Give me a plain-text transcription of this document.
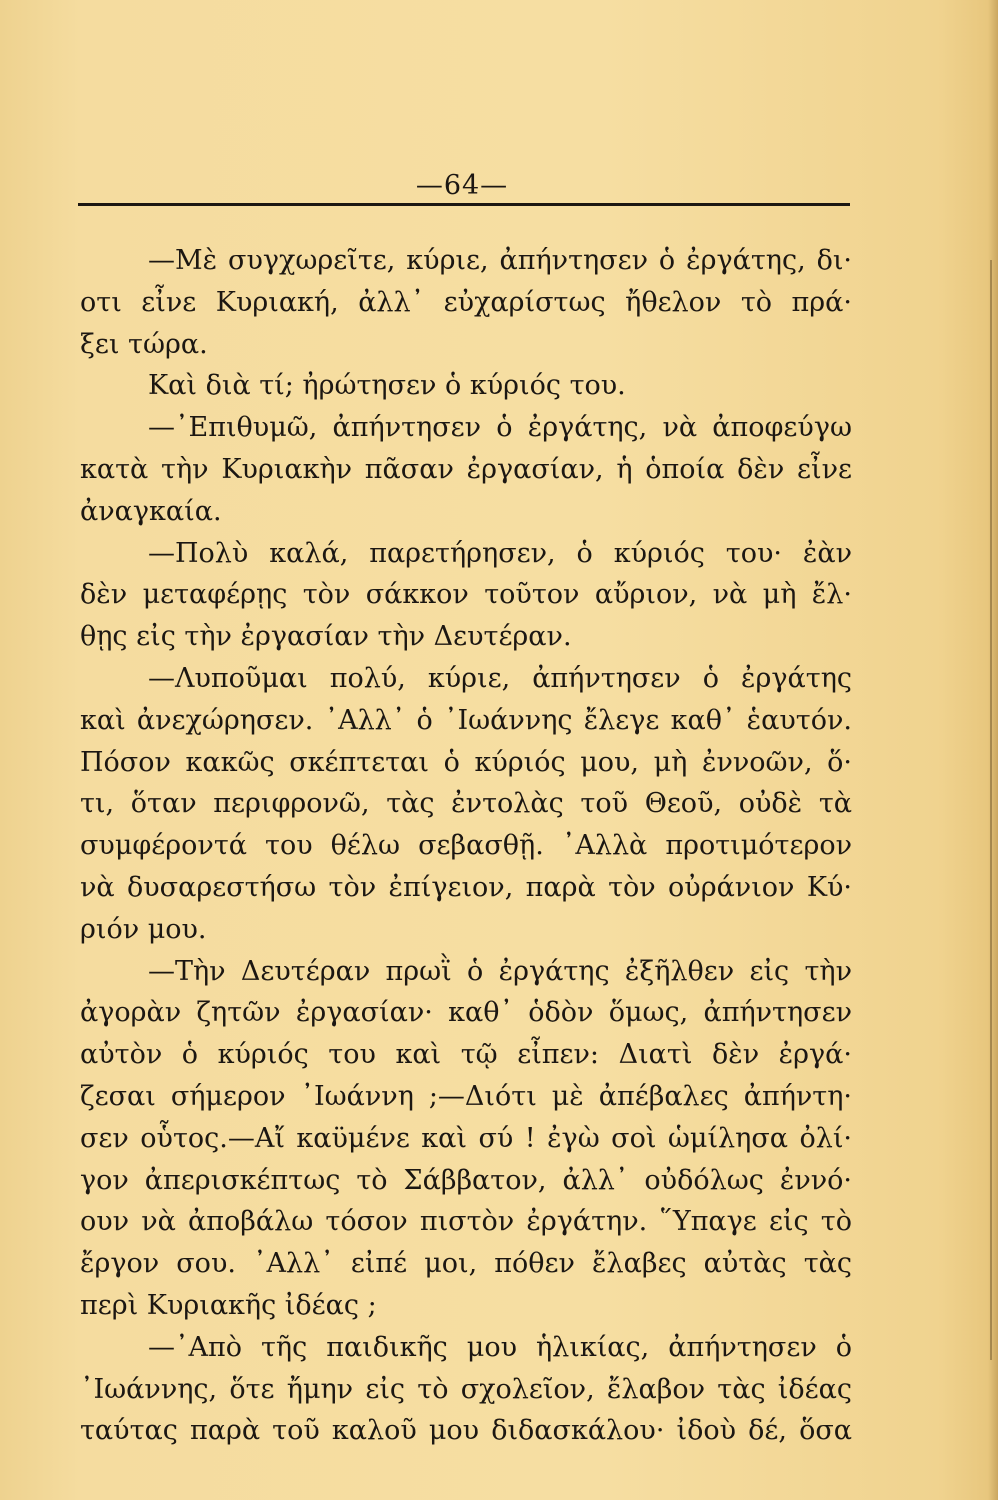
—64—
—Μὲ συγχωρεῖτε, κύριε, ἀπήντησεν ὁ ἐργάτης, δι·
οτι εἶνε Κυριακή, ἀλλ᾽ εὐχαρίστως ἤθελον τὸ πρά·
ξει τώρα.
Καὶ διὰ τί; ἠρώτησεν ὁ κύριός του.
—᾽Επιθυμῶ, ἀπήντησεν ὁ ἐργάτης, νὰ ἀποφεύγω
κατὰ τὴν Κυριακὴν πᾶσαν ἐργασίαν, ἡ ὁποία δὲν εἶνε
ἀναγκαία.
—Πολὺ καλά, παρετήρησεν, ὁ κύριός του· ἐὰν
δὲν μεταφέρῃς τὸν σάκκον τοῦτον αὔριον, νὰ μὴ ἔλ·
θῃς εἰς τὴν ἐργασίαν τὴν Δευτέραν.
—Λυποῦμαι πολύ, κύριε, ἀπήντησεν ὁ ἐργάτης
καὶ ἀνεχώρησεν. ᾽Αλλ᾽ ὁ ᾽Ιωάννης ἔλεγε καθ᾽ ἑαυτόν.
Πόσον κακῶς σκέπτεται ὁ κύριός μου, μὴ ἐννοῶν, ὅ·
τι, ὅταν περιφρονῶ, τὰς ἐντολὰς τοῦ Θεοῦ, οὐδὲ τὰ
συμφέροντά του θέλω σεβασθῇ. ᾽Αλλὰ προτιμότερον
νὰ δυσαρεστήσω τὸν ἐπίγειον, παρὰ τὸν οὐράνιον Κύ·
ριόν μου.
—Τὴν Δευτέραν πρωῒ ὁ ἐργάτης ἐξῆλθεν εἰς τὴν
ἀγορὰν ζητῶν ἐργασίαν· καθ᾽ ὁδὸν ὅμως, ἀπήντησεν
αὐτὸν ὁ κύριός του καὶ τῷ εἶπεν: Διατὶ δὲν ἐργά·
ζεσαι σήμερον ᾽Ιωάννη ;—Διότι μὲ ἀπέβαλες ἀπήντη·
σεν οὗτος.—Αἴ καϋμένε καὶ σύ ! ἐγὼ σοὶ ὡμίλησα ὀλί·
γον ἀπερισκέπτως τὸ Σάββατον, ἀλλ᾽ οὐδόλως ἐννό·
ουν νὰ ἀποβάλω τόσον πιστὸν ἐργάτην. ῞Υπαγε εἰς τὸ
ἔργον σου. ᾽Αλλ᾽ εἰπέ μοι, πόθεν ἔλαβες αὐτὰς τὰς
περὶ Κυριακῆς ἰδέας ;
—᾽Απὸ τῆς παιδικῆς μου ἡλικίας, ἀπήντησεν ὁ
᾽Ιωάννης, ὅτε ἤμην εἰς τὸ σχολεῖον, ἔλαβον τὰς ἰδέας
ταύτας παρὰ τοῦ καλοῦ μου διδασκάλου· ἰδοὺ δέ, ὅσα
